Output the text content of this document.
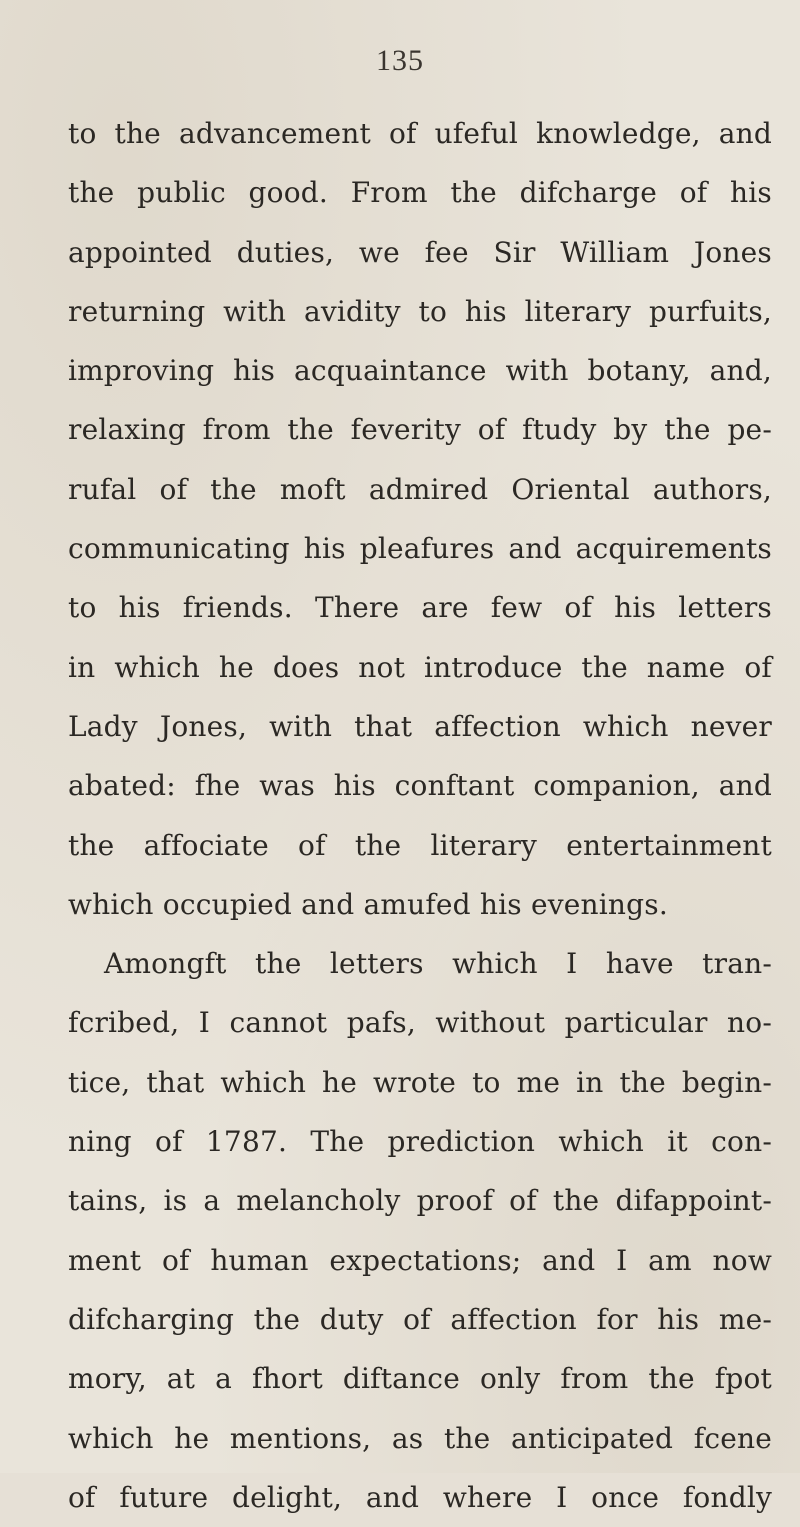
135
to the advancement of ufeful knowledge, and
the public good. From the difcharge of his
appointed duties, we fee Sir William Jones
returning with avidity to his literary purfuits,
improving his acquaintance with botany, and,
relaxing from the feverity of ftudy by the pe-
rufal of the moft admired Oriental authors,
communicating his pleafures and acquirements
to his friends. There are few of his letters
in which he does not introduce the name of
Lady Jones, with that affection which never
abated: fhe was his conftant companion, and
the affociate of the literary entertainment
which occupied and amufed his evenings.
Amongft the letters which I have tran-
fcribed, I cannot pafs, without particular no-
tice, that which he wrote to me in the begin-
ning of 1787. The prediction which it con-
tains, is a melancholy proof of the difappoint-
ment of human expectations; and I am now
difcharging the duty of affection for his me-
mory, at a fhort diftance only from the fpot
which he mentions, as the anticipated fcene
of future delight, and where I once fondly
